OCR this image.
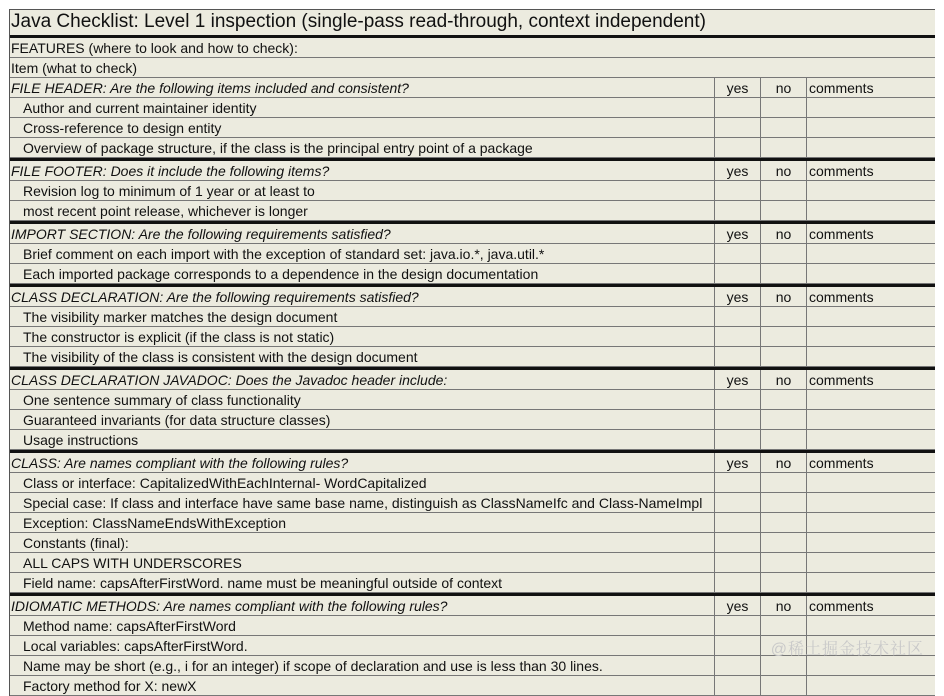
Java Checklist: Level 1 inspection (single-pass read-through, context independent)
FEATURES (where to look and how to check):
Item (what to check)
FILE HEADER: Are the following items included and consistent?	yes	no	comments
Author and current maintainer identity
Cross-reference to design entity
Overview of package structure, if the class is the principal entry point of a package
FILE FOOTER: Does it include the following items?	yes	no	comments
Revision log to minimum of 1 year or at least to
most recent point release, whichever is longer
IMPORT SECTION: Are the following requirements satisfied?	yes	no	comments
Brief comment on each import with the exception of standard set: java.io.*, java.util.*
Each imported package corresponds to a dependence in the design documentation
CLASS DECLARATION: Are the following requirements satisfied?	yes	no	comments
The visibility marker matches the design document
The constructor is explicit (if the class is not static)
The visibility of the class is consistent with the design document
CLASS DECLARATION JAVADOC: Does the Javadoc header include:	yes	no	comments
One sentence summary of class functionality
Guaranteed invariants (for data structure classes)
Usage instructions
CLASS: Are names compliant with the following rules?	yes	no	comments
Class or interface: CapitalizedWithEachInternal- WordCapitalized
Special case: If class and interface have same base name, distinguish as ClassNameIfc and Class-NameImpl
Exception: ClassNameEndsWithException
Constants (final):
ALL CAPS WITH UNDERSCORES
Field name: capsAfterFirstWord. name must be meaningful outside of context
IDIOMATIC METHODS: Are names compliant with the following rules?	yes	no	comments
Method name: capsAfterFirstWord
Local variables: capsAfterFirstWord.
Name may be short (e.g., i for an integer) if scope of declaration and use is less than 30 lines.
Factory method for X: newX
@稀土掘金技术社区
